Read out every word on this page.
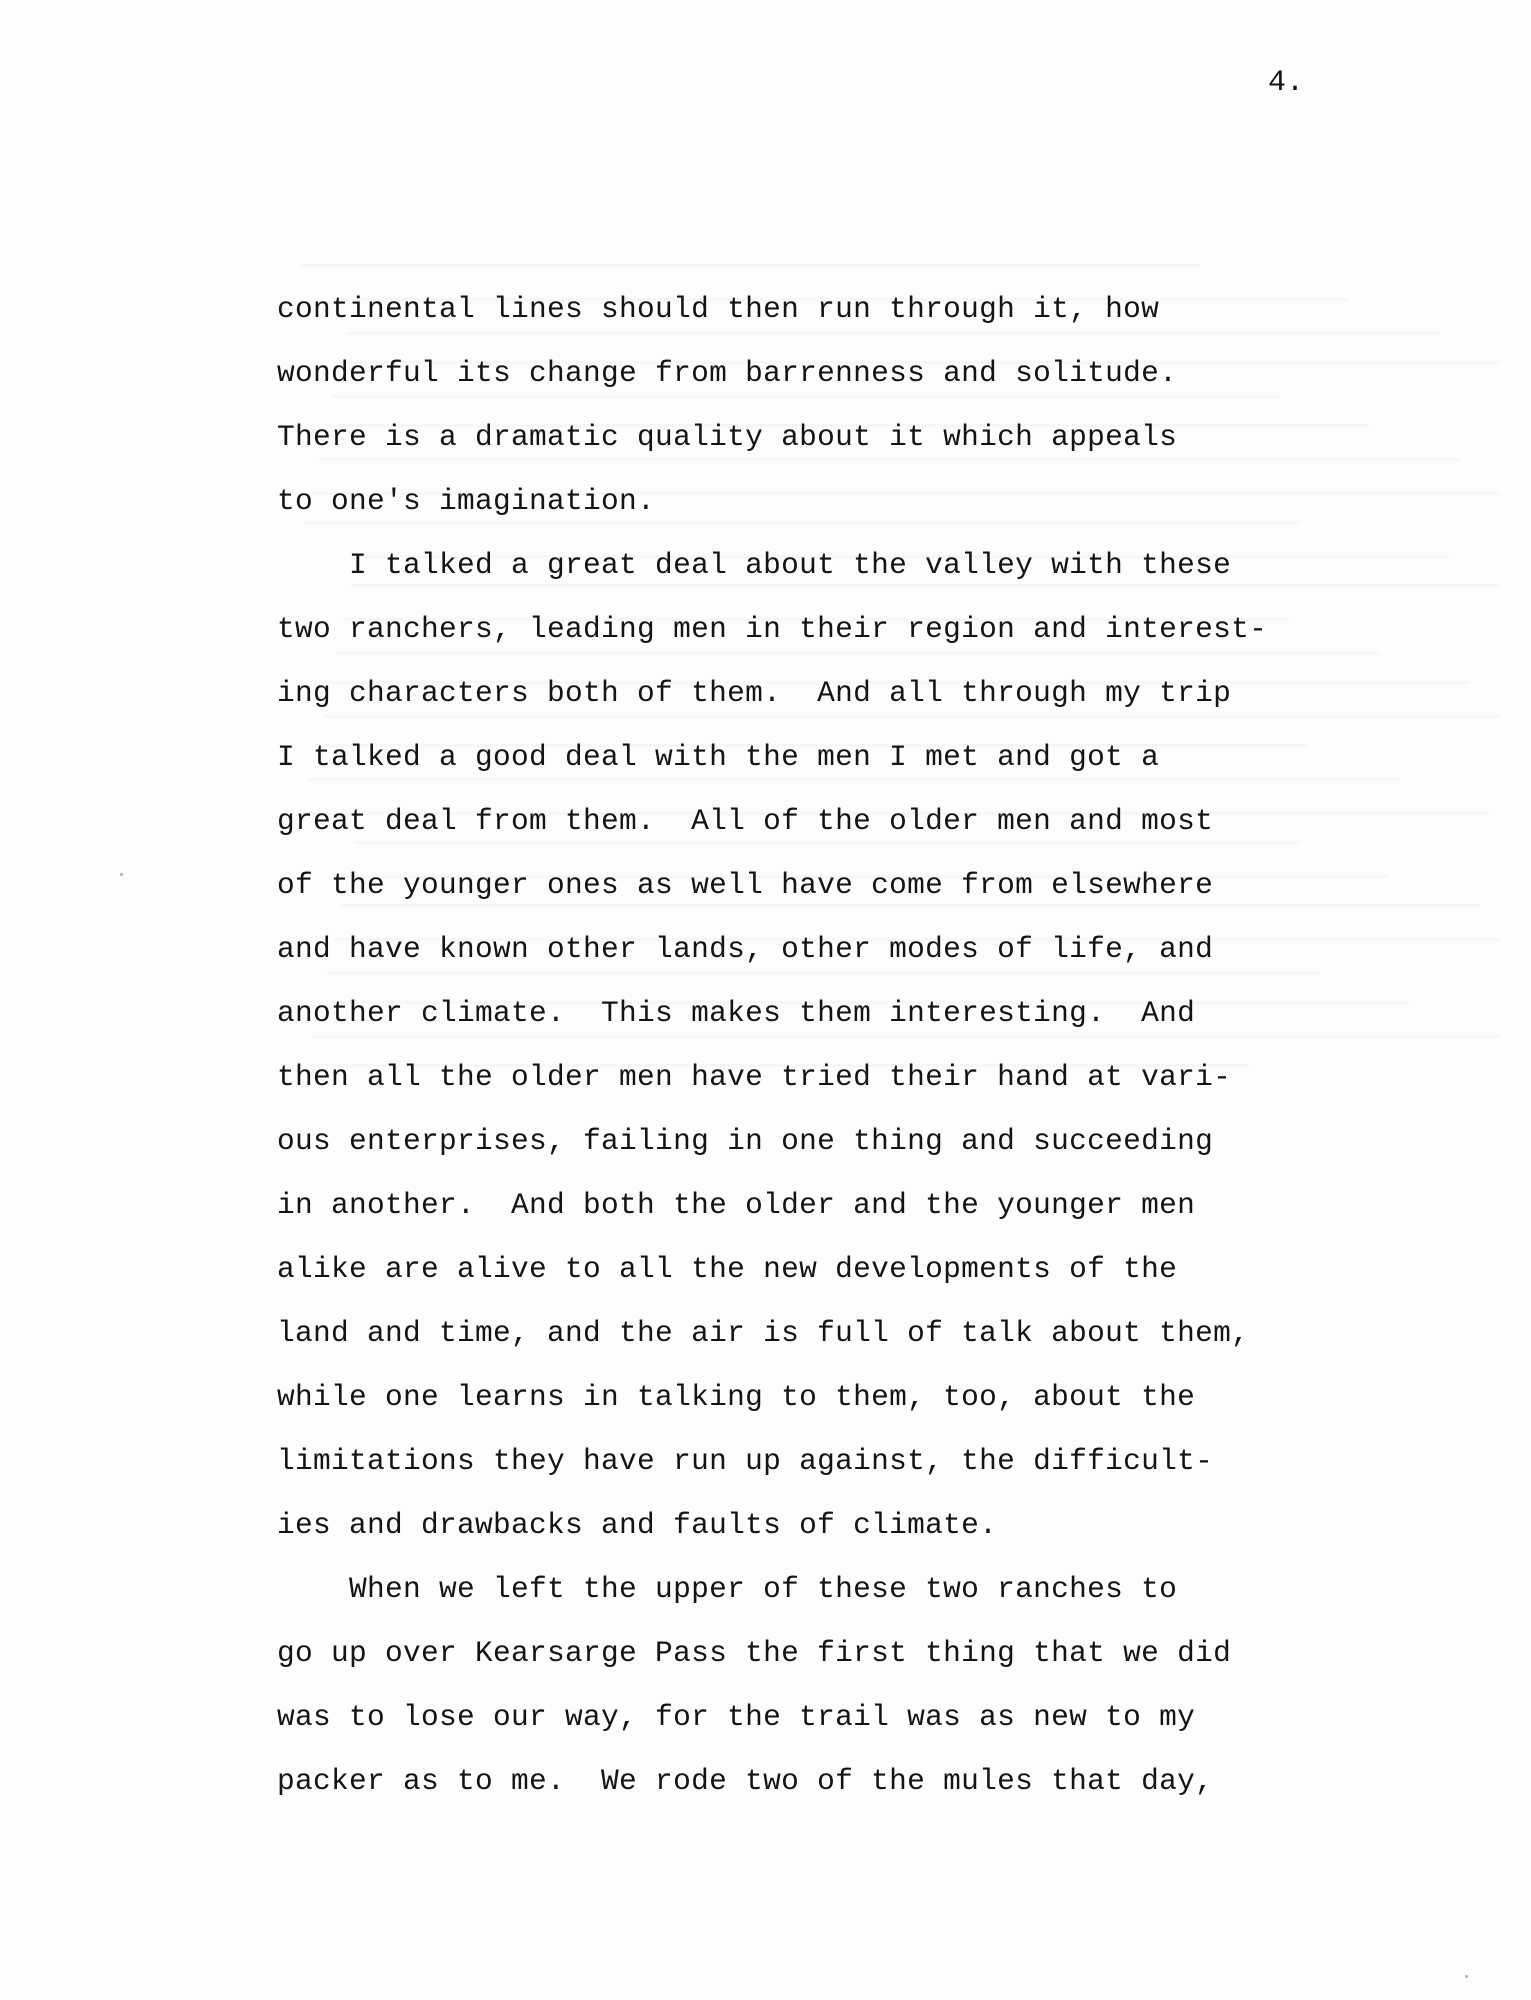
4.
continental lines should then run through it, how
wonderful its change from barrenness and solitude.
There is a dramatic quality about it which appeals
to one's imagination.
I talked a great deal about the valley with these
two ranchers, leading men in their region and interest-
ing characters both of them.  And all through my trip
I talked a good deal with the men I met and got a
great deal from them.  All of the older men and most
of the younger ones as well have come from elsewhere
and have known other lands, other modes of life, and
another climate.  This makes them interesting.  And
then all the older men have tried their hand at vari-
ous enterprises, failing in one thing and succeeding
in another.  And both the older and the younger men
alike are alive to all the new developments of the
land and time, and the air is full of talk about them,
while one learns in talking to them, too, about the
limitations they have run up against, the difficult-
ies and drawbacks and faults of climate.
When we left the upper of these two ranches to
go up over Kearsarge Pass the first thing that we did
was to lose our way, for the trail was as new to my
packer as to me.  We rode two of the mules that day,
